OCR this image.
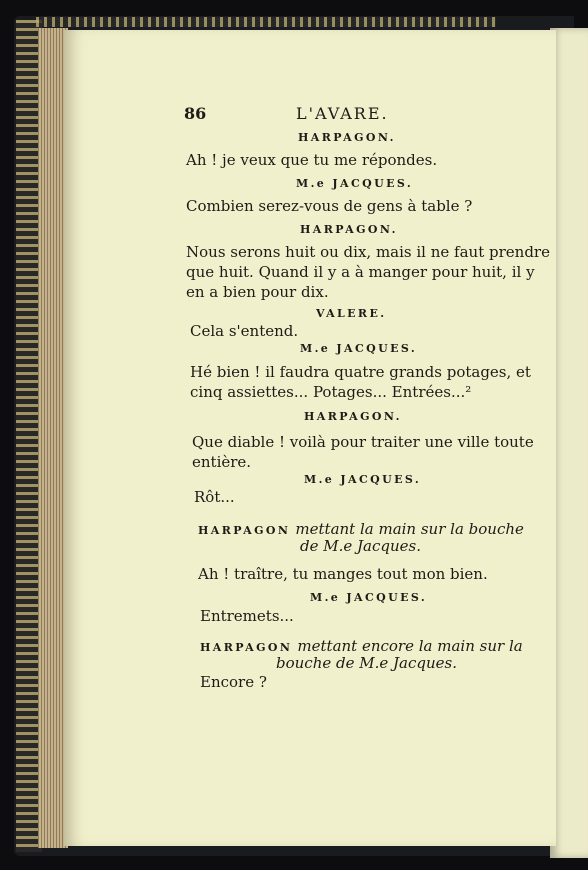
86	L'AVARE.
HARPAGON.
Ah ! je veux que tu me répondes.
M.e JACQUES.
Combien serez-vous de gens à table ?
HARPAGON.
Nous serons huit ou dix, mais il ne faut prendre
que huit. Quand il y a à manger pour huit, il y
en a bien pour dix.
VALERE.
Cela s'entend.
M.e JACQUES.
Hé bien ! il faudra quatre grands potages, et
cinq assiettes... Potages... Entrées...²
HARPAGON.
Que diable ! voilà pour traiter une ville toute
entière.
M.e JACQUES.
Rôt...
HARPAGON mettant la main sur la bouche
de M.e Jacques.
Ah ! traître, tu manges tout mon bien.
M.e JACQUES.
Entremets...
HARPAGON mettant encore la main sur la
bouche de M.e Jacques.
Encore ?
